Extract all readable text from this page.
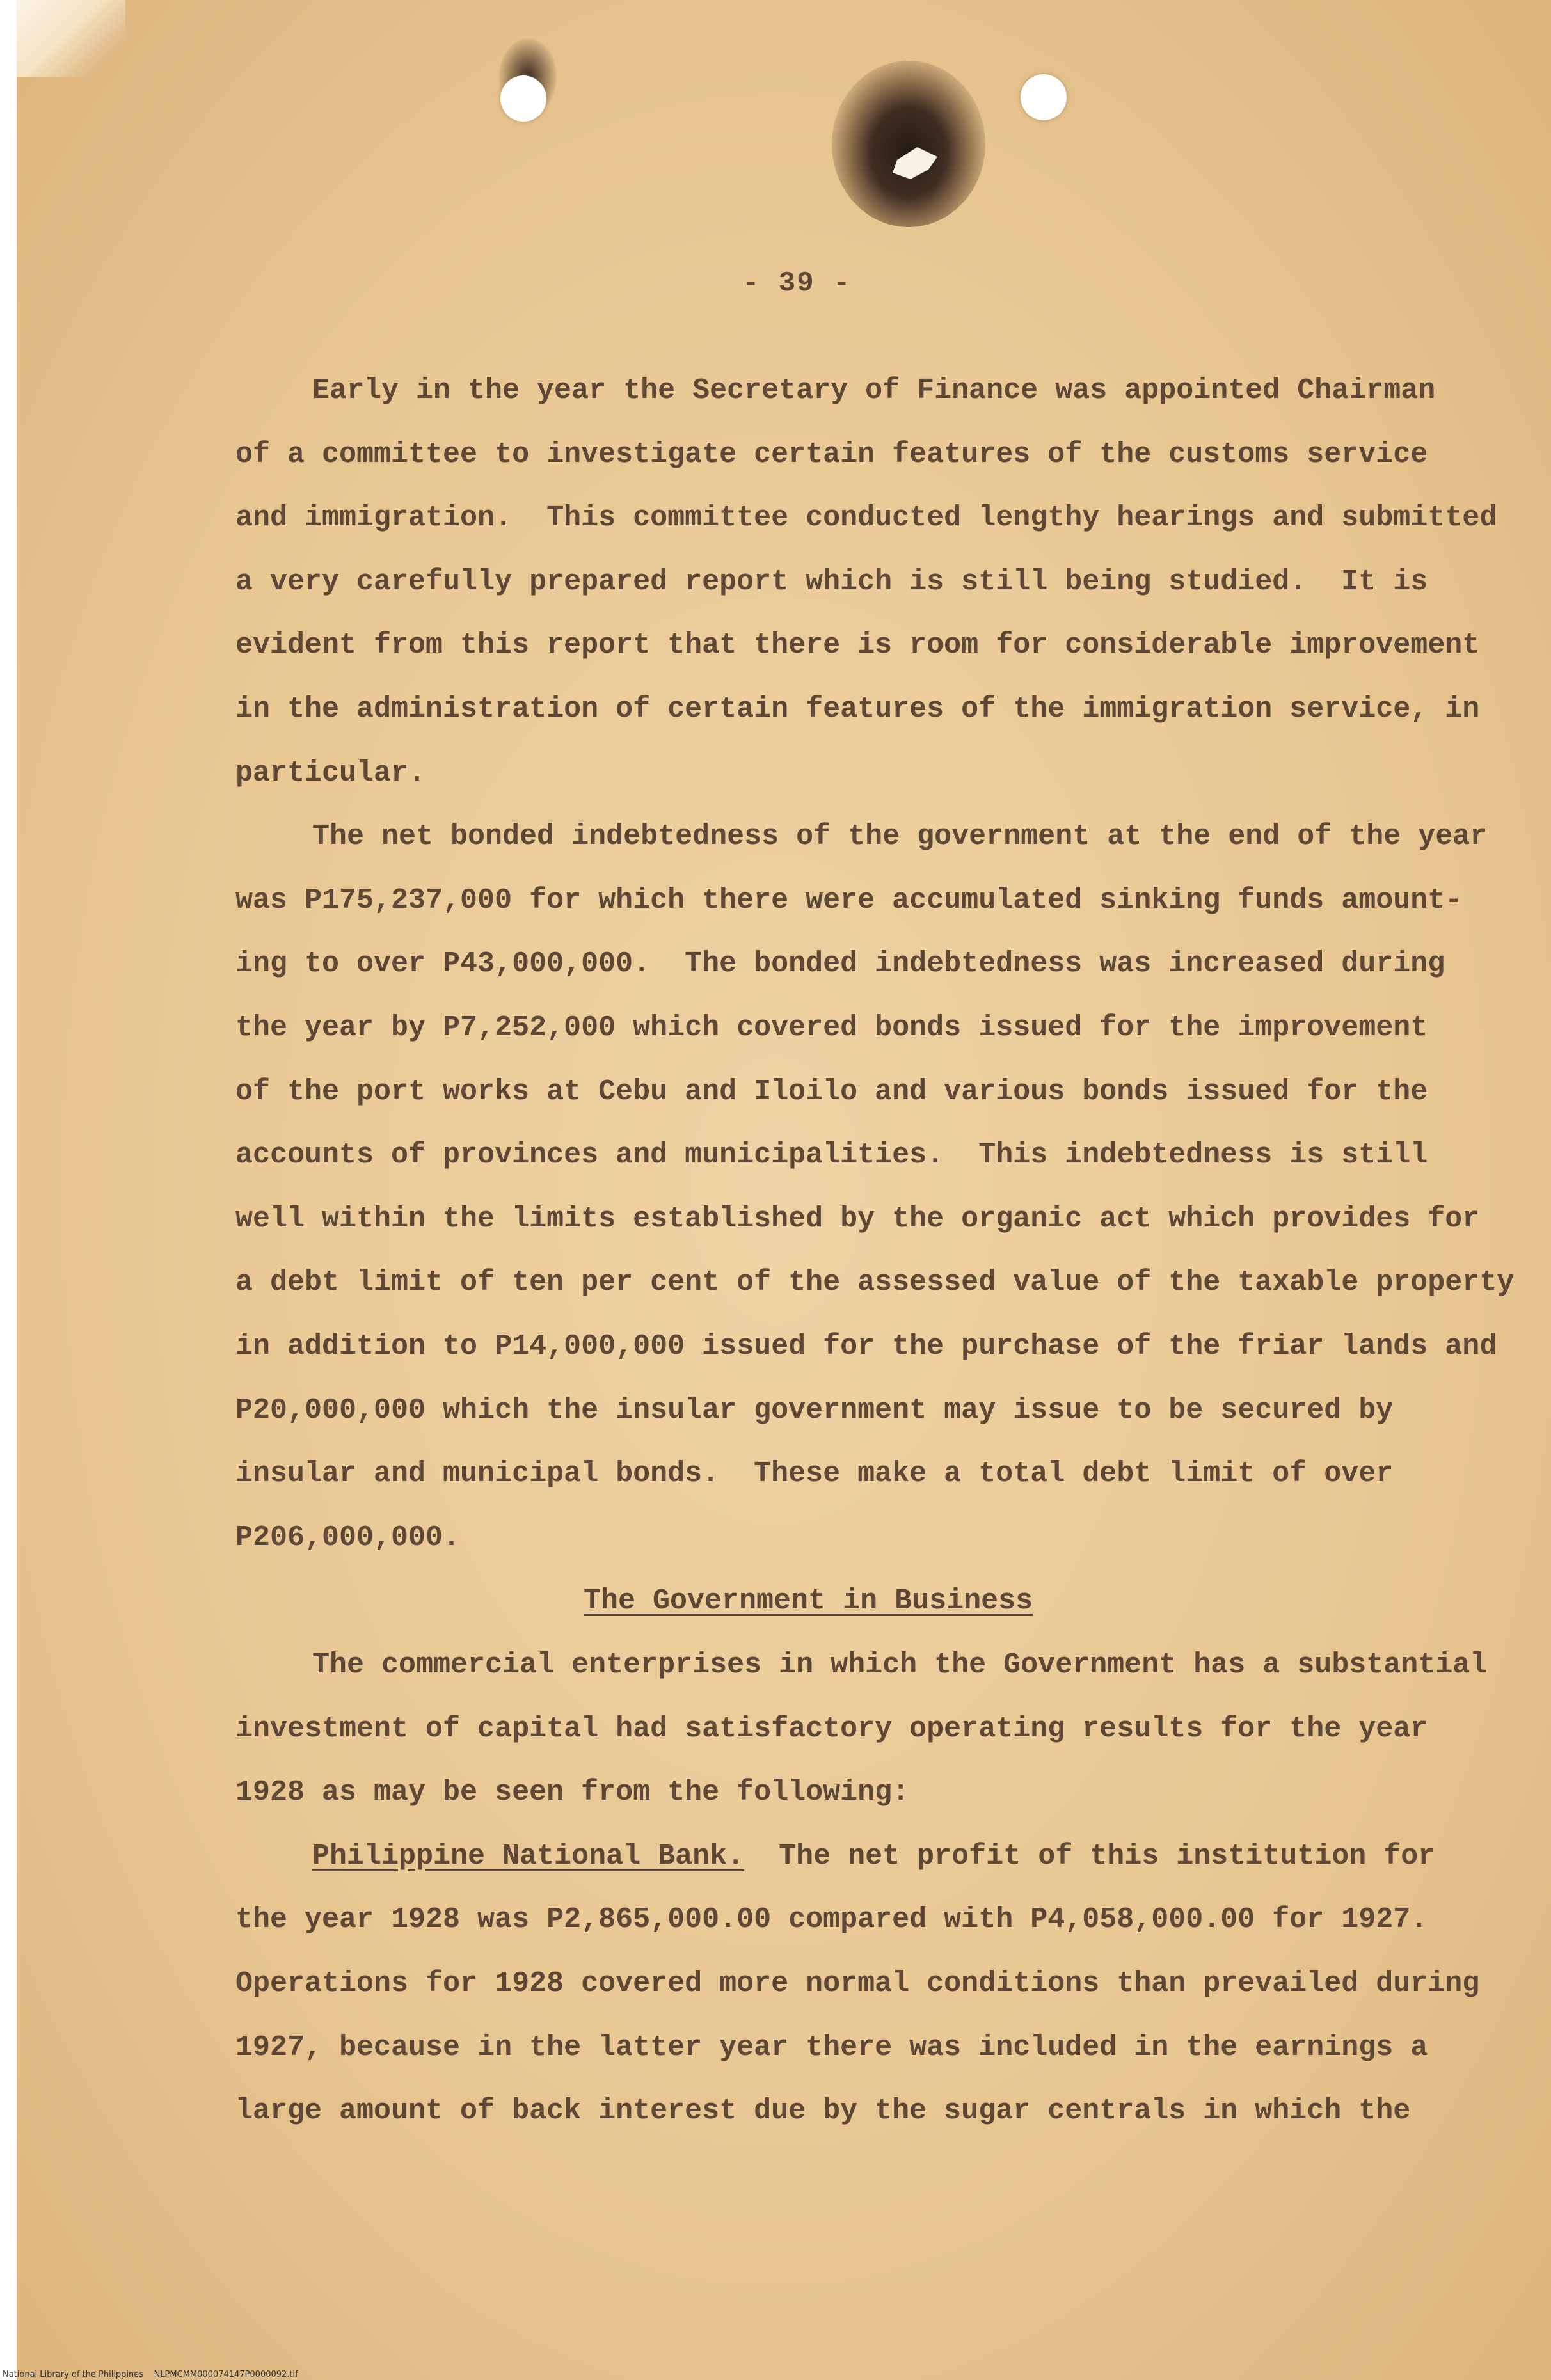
- 39 -
Early in the year the Secretary of Finance was appointed Chairman
of a committee to investigate certain features of the customs service
and immigration.  This committee conducted lengthy hearings and submitted
a very carefully prepared report which is still being studied.  It is
evident from this report that there is room for considerable improvement
in the administration of certain features of the immigration service, in
particular.
The net bonded indebtedness of the government at the end of the year
was P175,237,000 for which there were accumulated sinking funds amount-
ing to over P43,000,000.  The bonded indebtedness was increased during
the year by P7,252,000 which covered bonds issued for the improvement
of the port works at Cebu and Iloilo and various bonds issued for the
accounts of provinces and municipalities.  This indebtedness is still
well within the limits established by the organic act which provides for
a debt limit of ten per cent of the assessed value of the taxable property
in addition to P14,000,000 issued for the purchase of the friar lands and
P20,000,000 which the insular government may issue to be secured by
insular and municipal bonds.  These make a total debt limit of over
P206,000,000.
The Government in Business
The commercial enterprises in which the Government has a substantial
investment of capital had satisfactory operating results for the year
1928 as may be seen from the following:
Philippine National Bank.  The net profit of this institution for
the year 1928 was P2,865,000.00 compared with P4,058,000.00 for 1927.
Operations for 1928 covered more normal conditions than prevailed during
1927, because in the latter year there was included in the earnings a
large amount of back interest due by the sugar centrals in which the
National Library of the Philippines    NLPMCMM000074147P0000092.tif
